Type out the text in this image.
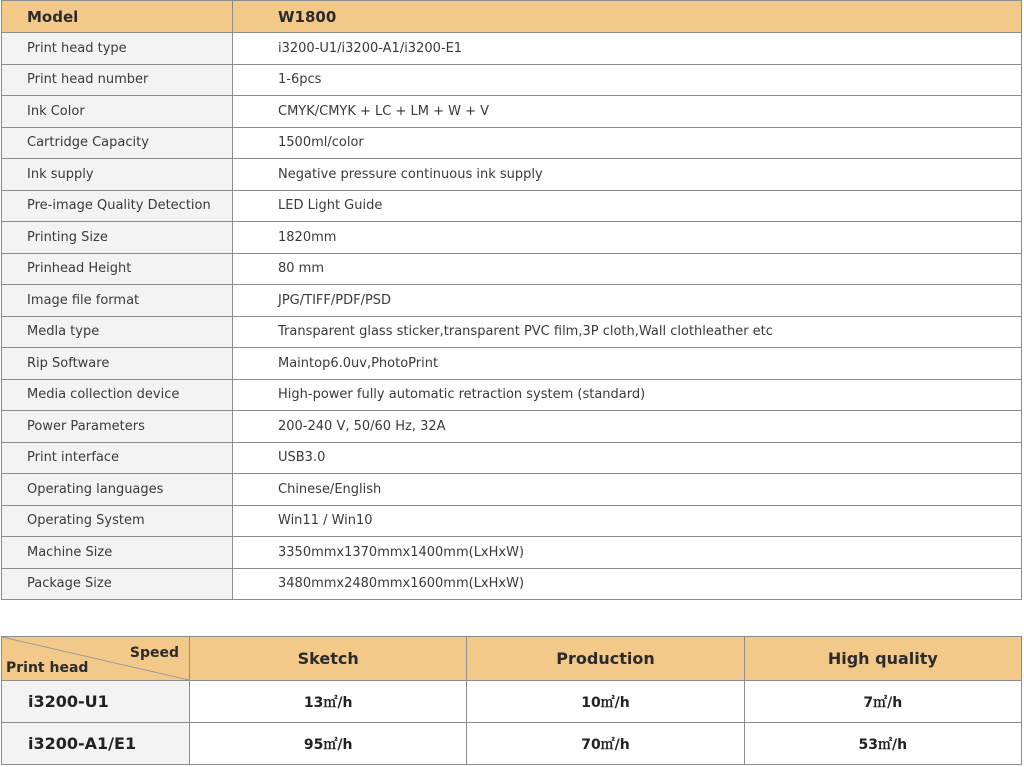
Model	W1800
Print head type	i3200-U1/i3200-A1/i3200-E1
Print head number	1-6pcs
Ink Color	CMYK/CMYK + LC + LM + W + V
Cartridge Capacity	1500ml/color
Ink supply	Negative pressure continuous ink supply
Pre-image Quality Detection	LED Light Guide
Printing Size	1820mm
Prinhead Height	80 mm
Image file format	JPG/TIFF/PDF/PSD
Medla type	Transparent glass sticker,transparent PVC film,3P cloth,Wall clothleather etc
Rip Software	Maintop6.0uv,PhotoPrint
Media collection device	High-power fully automatic retraction system (standard)
Power Parameters	200-240 V, 50/60 Hz, 32A
Print interface	USB3.0
Operating languages	Chinese/English
Operating System	Win11 / Win10
Machine Size	3350mmx1370mmx1400mm(LxHxW)
Package Size	3480mmx2480mmx1600mm(LxHxW)
Speed
Print head	Sketch	Production	High quality
i3200-U1	13㎡/h	10㎡/h	7㎡/h
i3200-A1/E1	95㎡/h	70㎡/h	53㎡/h
